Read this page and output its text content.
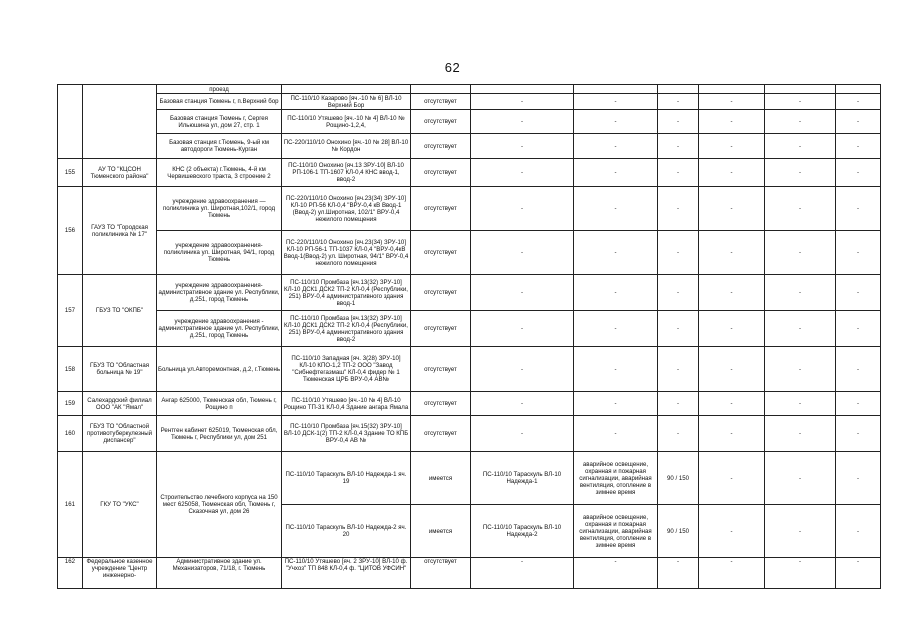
62
		проезд								
		Базовая станция Тюмень г, п.Верхний бор	ПС-110/10 Казарово [яч.-10 № 6] ВЛ-10 Верхний Бор	отсутствует	-	-	-	-	-	-
		Базовая станция Тюмень г, Сергея Ильюшина ул, дом 27, стр. 1	ПС-110/10 Утяшево [яч.-10 № 4] ВЛ-10 № Рощино-1,2,4,	отсутствует	-	-	-	-	-	-
		Базовая станция г.Тюмень, 9-ый км автодороги Тюмень-Курган	ПС-220/110/10 Онохино [яч.-10 № 28] ВЛ-10 № Кордон	отсутствует	-	-	-	-	-	-
155	АУ ТО "КЦСОН Тюменского района"	КНС (2 объекта) г.Тюмень, 4-й км Червишевского тракта, 3 строение 2	ПС-110/10 Онохино [яч.13 ЗРУ-10] ВЛ-10 РП-106-1 ТП-1607 КЛ-0,4 КНС ввод-1, ввод-2	отсутствует	-	-	-	-	-	-
156	ГАУЗ ТО "Городская поликлиника № 17"	учреждение здравоохранения — поликлиника ул. Широтная,102/1, город Тюмень	ПС-220/110/10 Онохино [яч.23(34) ЗРУ-10] КЛ-10 РП-56 КЛ-0,4 "ВРУ-0,4 кВ Ввод-1 (Ввод-2) ул.Широтная, 102/1" ВРУ-0,4 нежилого помещения	отсутствует	-	-	-	-	-	-
		учреждение здравоохранения-поликлиника ул. Широтная, 94/1, город Тюмень	ПС-220/110/10 Онохино [яч.23(34) ЗРУ-10] КЛ-10 РП-56-1 ТП-1037 КЛ-0,4 "ВРУ-0,4кВ Ввод-1(Ввод-2) ул. Широтная, 94/1" ВРУ-0,4 нежилого помещения	отсутствует	-	-	-	-	-	-
157	ГБУЗ ТО "ОКПБ"	учреждение здравоохранения-административное здание ул. Республики, д.251, город Тюмень	ПС-110/10 Промбаза [яч.13(32) ЗРУ-10] КЛ-10 ДСК1 ДСК2 ТП-2 КЛ-0,4 (Республики, 251) ВРУ-0,4 административного здания ввод-1	отсутствует	-	-	-	-	-	-
		учреждение здравоохранения - административное здание ул. Республики, д.251, город Тюмень	ПС-110/10 Промбаза [яч.13(32) ЗРУ-10] КЛ-10 ДСК1 ДСК2 ТП-2 КЛ-0,4 (Республики, 251) ВРУ-0,4 административного здания ввод-2	отсутствует	-	-	-	-	-	-
158	ГБУЗ ТО "Областная больница № 19"	Больница ул.Авторемонтная, д.2, г.Тюмень	ПС-110/10 Западная [яч. 3(28) ЗРУ-10] КЛ-10 КПО-1,2 ТП-2 ООО "Завод "Сибнефтегазмаш" КЛ-0,4 фидер № 1 Тюменская ЦРБ ВРУ-0,4 АВ№	отсутствует	-	-	-	-	-	-
159	Салехардский филиал ООО "АК "Ямал"	Ангар 625000, Тюменская обл, Тюмень г, Рощино п	ПС-110/10 Утяшево [яч.-10 № 4] ВЛ-10 Рощино ТП-31 КЛ-0,4 Здание ангара Ямала	отсутствует	-	-	-	-	-	-
160	ГБУЗ ТО "Областной противотуберкулезный диспансер"	Рентген кабинет 625019, Тюменская обл, Тюмень г, Республики ул, дом 251	ПС-110/10 Промбаза [яч.15(32) ЗРУ-10] ВЛ-10 ДСК-1(2) ТП-2 КЛ-0,4 Здание ТО КПБ ВРУ-0,4 АВ №	отсутствует	-	-	-	-	-	-
161	ГКУ ТО "УКС"	Строительство лечебного корпуса на 150 мест 625058, Тюменская обл, Тюмень г, Сказочная ул, дом 26	ПС-110/10 Тараскуль ВЛ-10 Надежда-1 яч. 19	имеется	ПС-110/10 Тараскуль ВЛ-10 Надежда-1	аварийное освещение, охранная и пожарная сигнализации, аварийная вентиляция, отопление в зимнее время	90 / 150	-	-	-
			ПС-110/10 Тараскуль ВЛ-10 Надежда-2 яч. 20	имеется	ПС-110/10 Тараскуль ВЛ-10 Надежда-2	аварийное освещение, охранная и пожарная сигнализации, аварийная вентиляция, отопление в зимнее время	90 / 150	-	-	-
162	Федеральное казенное учреждение "Центр инженерно-	Административное здание ул. Механизаторов, 71/18, г. Тюмень	ПС-110/10 Утяшево [яч. 2 ЗРУ-10] ВЛ-10 ф. "Учхоз" ТП 848 КЛ-0,4 ф. "ЦИТОВ УФСИН"	отсутствует	-	-	-	-	-	-
